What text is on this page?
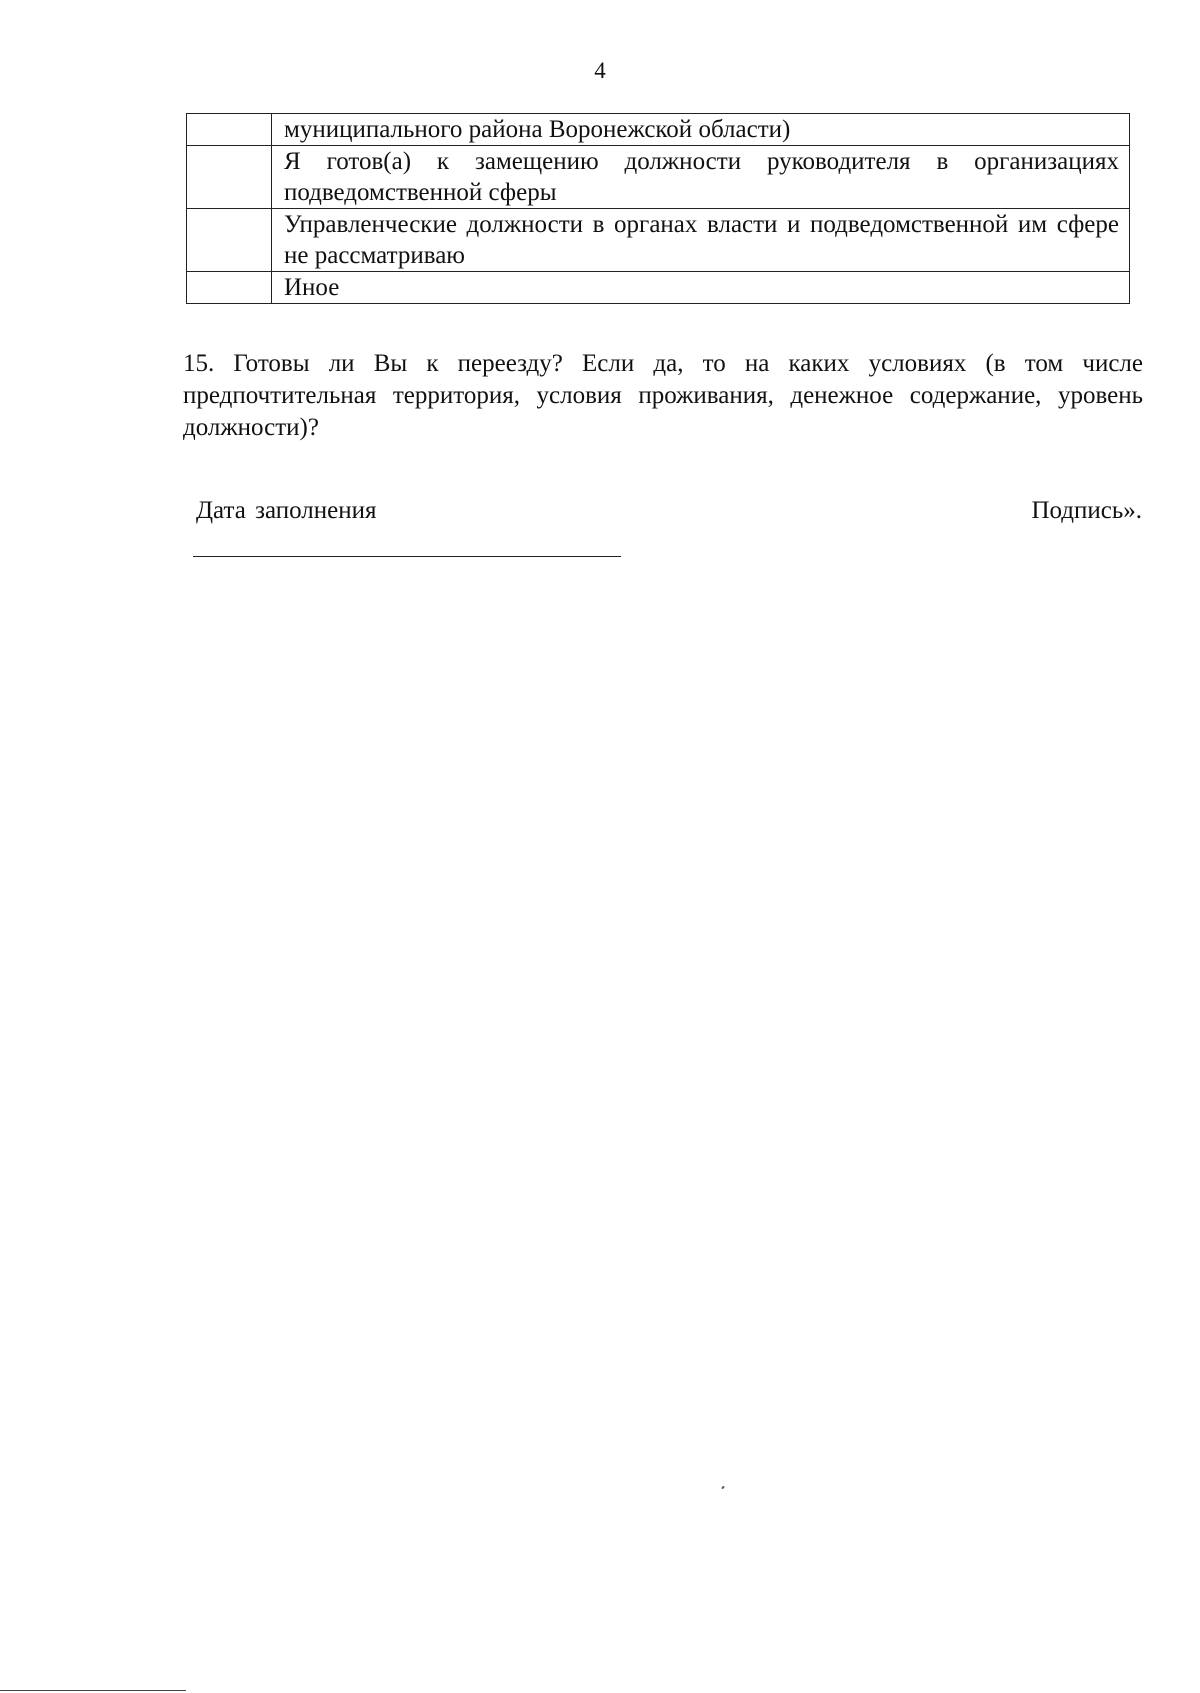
4
	муниципального района Воронежской области)
	Я готов(а) к замещению должности руководителя в организациях подведомственной сферы
	Управленческие должности в органах власти и подведомственной им сфере не рассматриваю
	Иное

15. Готовы ли Вы к переезду? Если да, то на каких условиях (в том числе предпочтительная территория, условия проживания, денежное содержание, уровень должности)?

Дата заполнения	Подпись».
